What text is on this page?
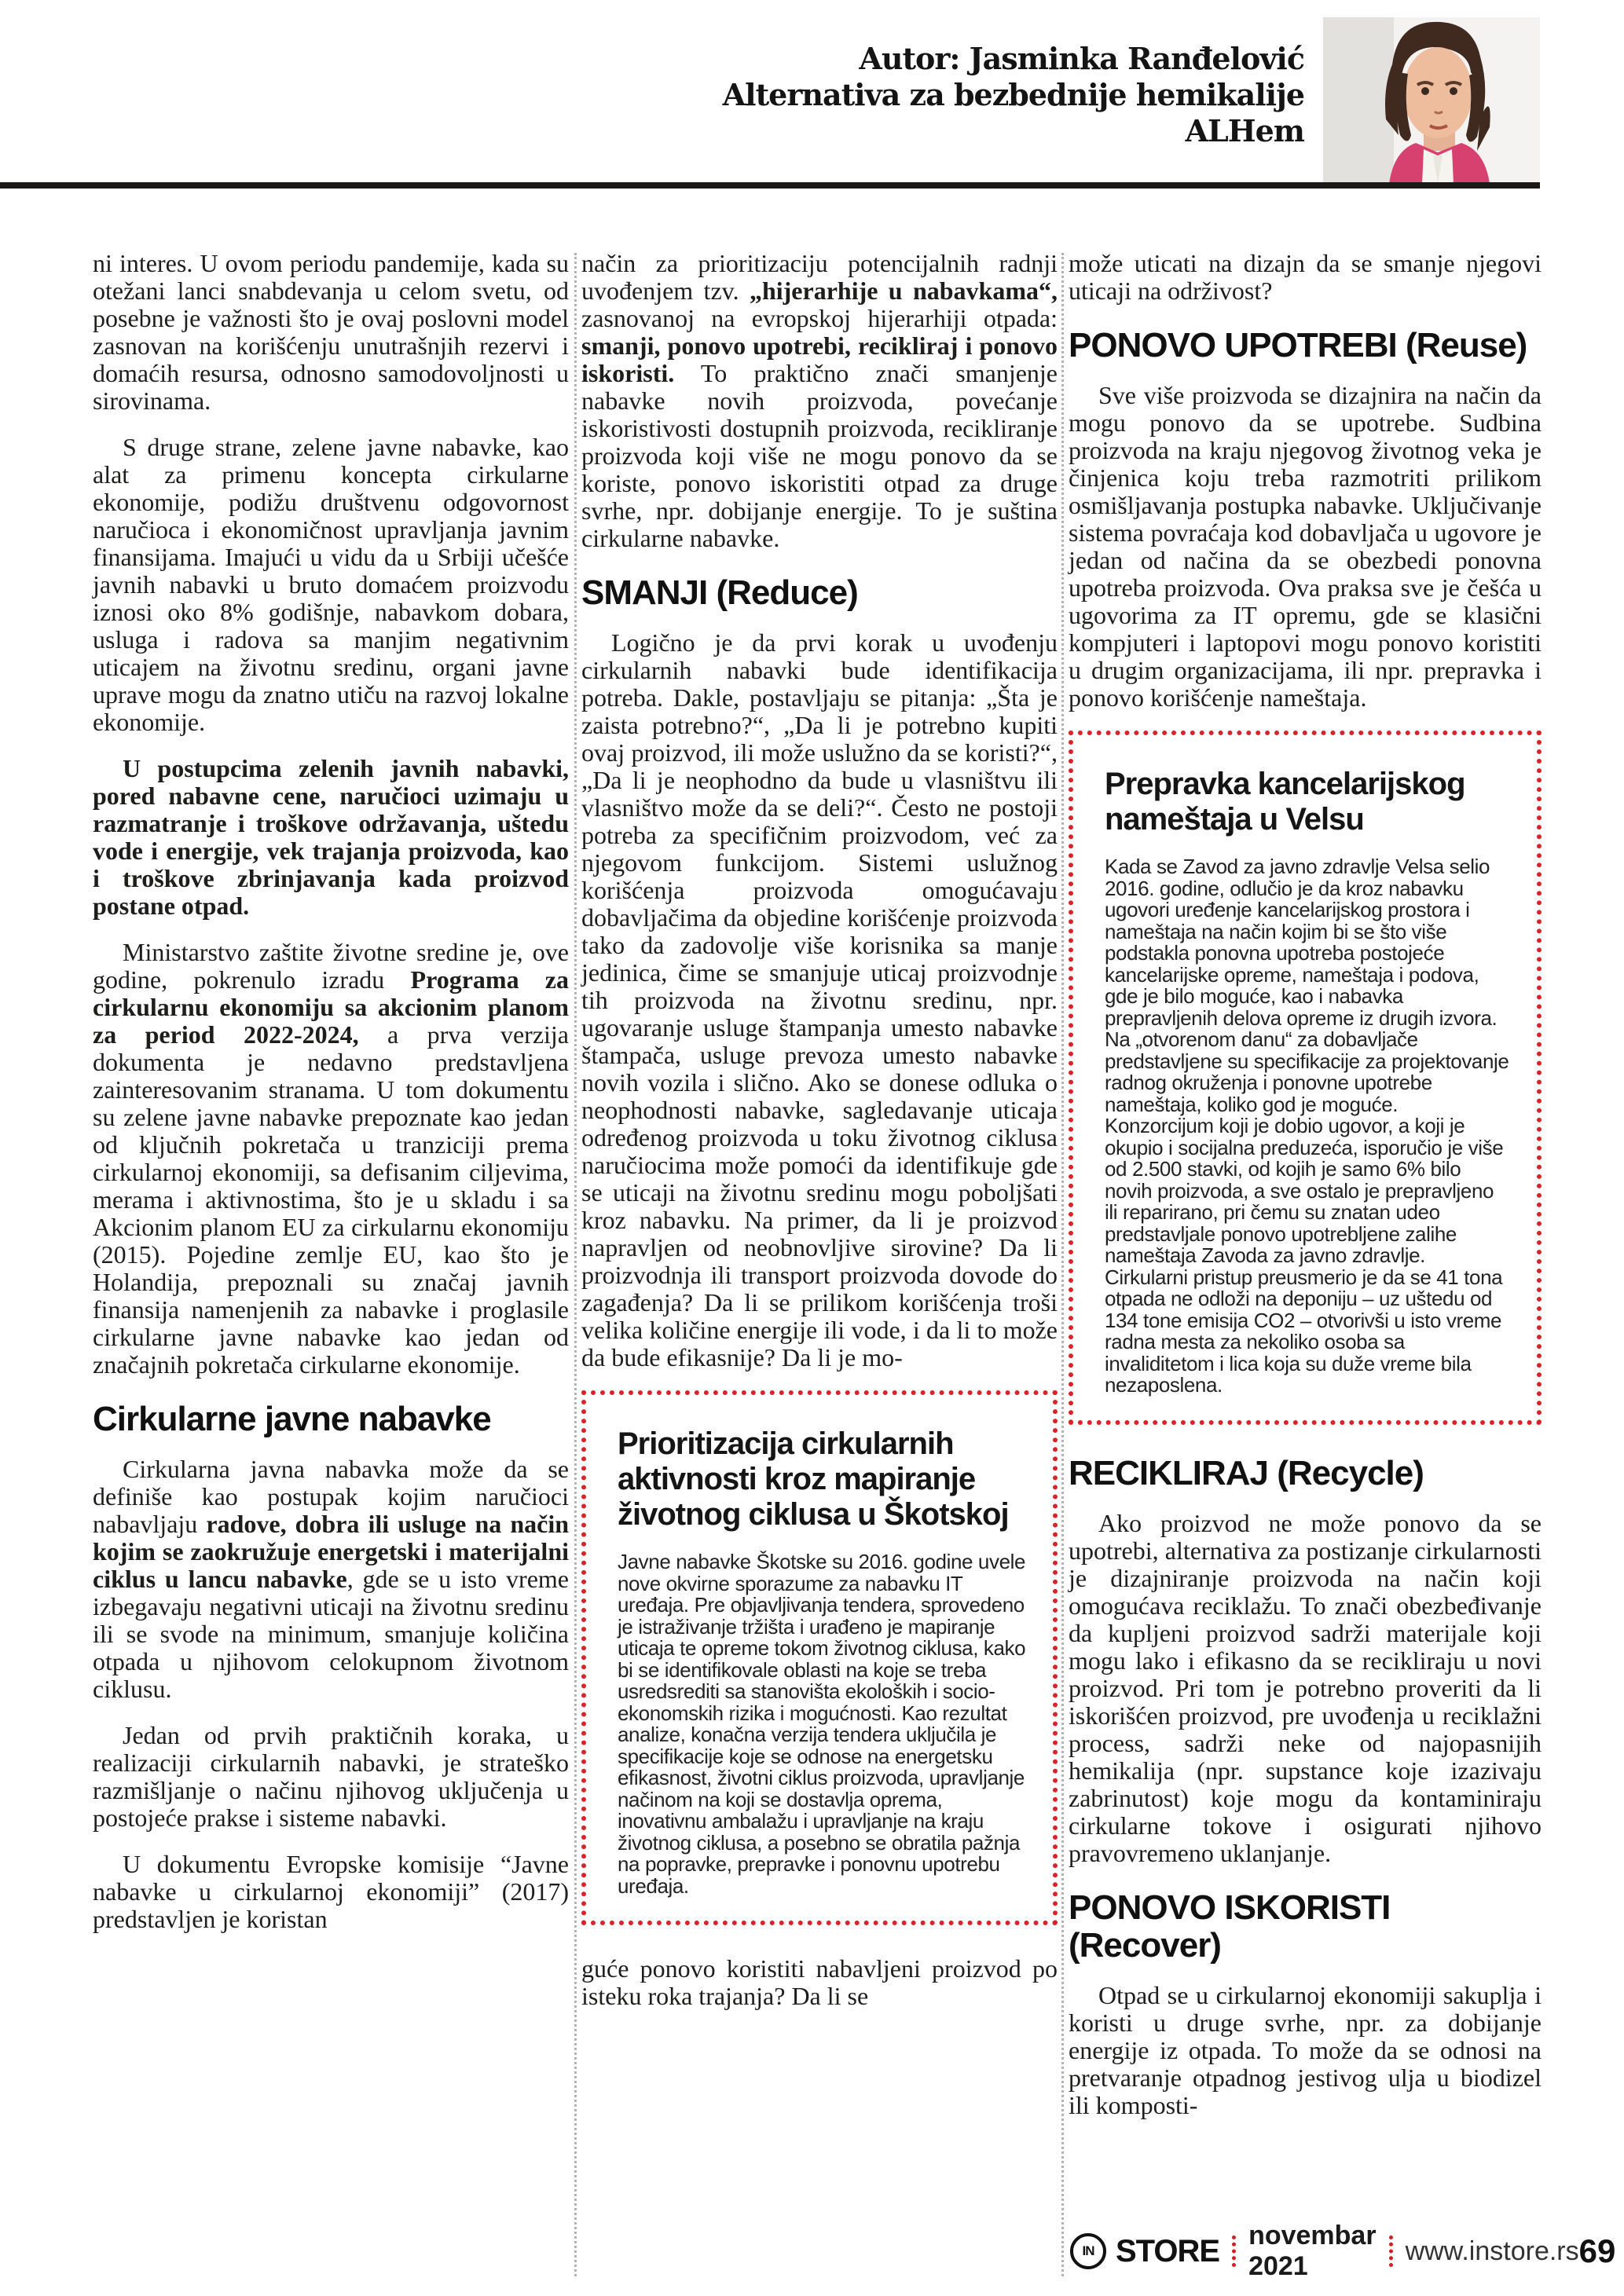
Autor: Jasminka Ranđelović
Alternativa za bezbednije hemikalije
ALHem

ni interes. U ovom periodu pandemije, kada su otežani lanci snabdevanja u celom svetu, od posebne je važnosti što je ovaj poslovni model zasnovan na korišćenju unutrašnjih rezervi i domaćih resursa, odnosno samodovoljnosti u sirovinama.

S druge strane, zelene javne nabavke, kao alat za primenu koncepta cirkularne ekonomije, podižu društvenu odgovornost naručioca i ekonomičnost upravljanja javnim finansijama. Imajući u vidu da u Srbiji učešće javnih nabavki u bruto domaćem proizvodu iznosi oko 8% godišnje, nabavkom dobara, usluga i radova sa manjim negativnim uticajem na životnu sredinu, organi javne uprave mogu da znatno utiču na razvoj lokalne ekonomije.

U postupcima zelenih javnih nabavki, pored nabavne cene, naručioci uzimaju u razmatranje i troškove održavanja, uštedu vode i energije, vek trajanja proizvoda, kao i troškove zbrinjavanja kada proizvod postane otpad.

Ministarstvo zaštite životne sredine je, ove godine, pokrenulo izradu Programa za cirkularnu ekonomiju sa akcionim planom za period 2022-2024, a prva verzija dokumenta je nedavno predstavljena zainteresovanim stranama. U tom dokumentu su zelene javne nabavke prepoznate kao jedan od ključnih pokretača u tranziciji prema cirkularnoj ekonomiji, sa defisanim ciljevima, merama i aktivnostima, što je u skladu i sa Akcionim planom EU za cirkularnu ekonomiju (2015). Pojedine zemlje EU, kao što je Holandija, prepoznali su značaj javnih finansija namenjenih za nabavke i proglasile cirkularne javne nabavke kao jedan od značajnih pokretača cirkularne ekonomije.

Cirkularne javne nabavke

Cirkularna javna nabavka može da se definiše kao postupak kojim naručioci nabavljaju radove, dobra ili usluge na način kojim se zaokružuje energetski i materijalni ciklus u lancu nabavke, gde se u isto vreme izbegavaju negativni uticaji na životnu sredinu ili se svode na minimum, smanjuje količina otpada u njihovom celokupnom životnom ciklusu.

Jedan od prvih praktičnih koraka, u realizaciji cirkularnih nabavki, je strateško razmišljanje o načinu njihovog uključenja u postojeće prakse i sisteme nabavki.

U dokumentu Evropske komisije “Javne nabavke u cirkularnoj ekonomiji” (2017) predstavljen je koristan

način za prioritizaciju potencijalnih radnji uvođenjem tzv. „hijerarhije u nabavkama“, zasnovanoj na evropskoj hijerarhiji otpada: smanji, ponovo upotrebi, recikliraj i ponovo iskoristi. To praktično znači smanjenje nabavke novih proizvoda, povećanje iskoristivosti dostupnih proizvoda, recikliranje proizvoda koji više ne mogu ponovo da se koriste, ponovo iskoristiti otpad za druge svrhe, npr. dobijanje energije. To je suština cirkularne nabavke.

SMANJI (Reduce)

Logično je da prvi korak u uvođenju cirkularnih nabavki bude identifikacija potreba. Dakle, postavljaju se pitanja: „Šta je zaista potrebno?“, „Da li je potrebno kupiti ovaj proizvod, ili može uslužno da se koristi?“, „Da li je neophodno da bude u vlasništvu ili vlasništvo može da se deli?“. Često ne postoji potreba za specifičnim proizvodom, već za njegovom funkcijom. Sistemi uslužnog korišćenja proizvoda omogućavaju dobavljačima da objedine korišćenje proizvoda tako da zadovolje više korisnika sa manje jedinica, čime se smanjuje uticaj proizvodnje tih proizvoda na životnu sredinu, npr. ugovaranje usluge štampanja umesto nabavke štampača, usluge prevoza umesto nabavke novih vozila i slično. Ako se donese odluka o neophodnosti nabavke, sagledavanje uticaja određenog proizvoda u toku životnog ciklusa naručiocima može pomoći da identifikuje gde se uticaji na životnu sredinu mogu poboljšati kroz nabavku. Na primer, da li je proizvod napravljen od neobnovljive sirovine? Da li proizvodnja ili transport proizvoda dovode do zagađenja? Da li se prilikom korišćenja troši velika količine energije ili vode, i da li to može da bude efikasnije? Da li je mo-

Prioritizacija cirkularnih aktivnosti kroz mapiranje životnog ciklusa u Škotskoj

Javne nabavke Škotske su 2016. godine uvele nove okvirne sporazume za nabavku IT uređaja. Pre objavljivanja tendera, sprovedeno je istraživanje tržišta i urađeno je mapiranje uticaja te opreme tokom životnog ciklusa, kako bi se identifikovale oblasti na koje se treba usredsrediti sa stanovišta ekoloških i socio-ekonomskih rizika i mogućnosti. Kao rezultat analize, konačna verzija tendera uključila je specifikacije koje se odnose na energetsku efikasnost, životni ciklus proizvoda, upravljanje načinom na koji se dostavlja oprema, inovativnu ambalažu i upravljanje na kraju životnog ciklusa, a posebno se obratila pažnja na popravke, prepravke i ponovnu upotrebu uređaja.

guće ponovo koristiti nabavljeni proizvod po isteku roka trajanja? Da li se

može uticati na dizajn da se smanje njegovi uticaji na održivost?

PONOVO UPOTREBI (Reuse)

Sve više proizvoda se dizajnira na način da mogu ponovo da se upotrebe. Sudbina proizvoda na kraju njegovog životnog veka je činjenica koju treba razmotriti prilikom osmišljavanja postupka nabavke. Uključivanje sistema povraćaja kod dobavljača u ugovore je jedan od načina da se obezbedi ponovna upotreba proizvoda. Ova praksa sve je češća u ugovorima za IT opremu, gde se klasični kompjuteri i laptopovi mogu ponovo koristiti u drugim organizacijama, ili npr. prepravka i ponovo korišćenje nameštaja.

Prepravka kancelarijskog nameštaja u Velsu

Kada se Zavod za javno zdravlje Velsa selio 2016. godine, odlučio je da kroz nabavku ugovori uređenje kancelarijskog prostora i nameštaja na način kojim bi se što više podstakla ponovna upotreba postojeće kancelarijske opreme, nameštaja i podova, gde je bilo moguće, kao i nabavka prepravljenih delova opreme iz drugih izvora. Na „otvorenom danu“ za dobavljače predstavljene su specifikacije za projektovanje radnog okruženja i ponovne upotrebe nameštaja, koliko god je moguće. Konzorcijum koji je dobio ugovor, a koji je okupio i socijalna preduzeća, isporučio je više od 2.500 stavki, od kojih je samo 6% bilo novih proizvoda, a sve ostalo je prepravljeno ili reparirano, pri čemu su znatan udeo predstavljale ponovo upotrebljene zalihe nameštaja Zavoda za javno zdravlje. Cirkularni pristup preusmerio je da se 41 tona otpada ne odloži na deponiju – uz uštedu od 134 tone emisija CO2 – otvorivši u isto vreme radna mesta za nekoliko osoba sa invaliditetom i lica koja su duže vreme bila nezaposlena.

RECIKLIRAJ (Recycle)

Ako proizvod ne može ponovo da se upotrebi, alternativa za postizanje cirkularnosti je dizajniranje proizvoda na način koji omogućava reciklažu. To znači obezbeđivanje da kupljeni proizvod sadrži materijale koji mogu lako i efikasno da se recikliraju u novi proizvod. Pri tom je potrebno proveriti da li iskorišćen proizvod, pre uvođenja u reciklažni process, sadrži neke od najopasnijih hemikalija (npr. supstance koje izazivaju zabrinutost) koje mogu da kontaminiraju cirkularne tokove i osigurati njihovo pravovremeno uklanjanje.

PONOVO ISKORISTI (Recover)

Otpad se u cirkularnoj ekonomiji sakuplja i koristi u druge svrhe, npr. za dobijanje energije iz otpada. To može da se odnosi na pretvaranje otpadnog jestivog ulja u biodizel ili komposti-

IN STORE novembar 2021
www.instore.rs 69
